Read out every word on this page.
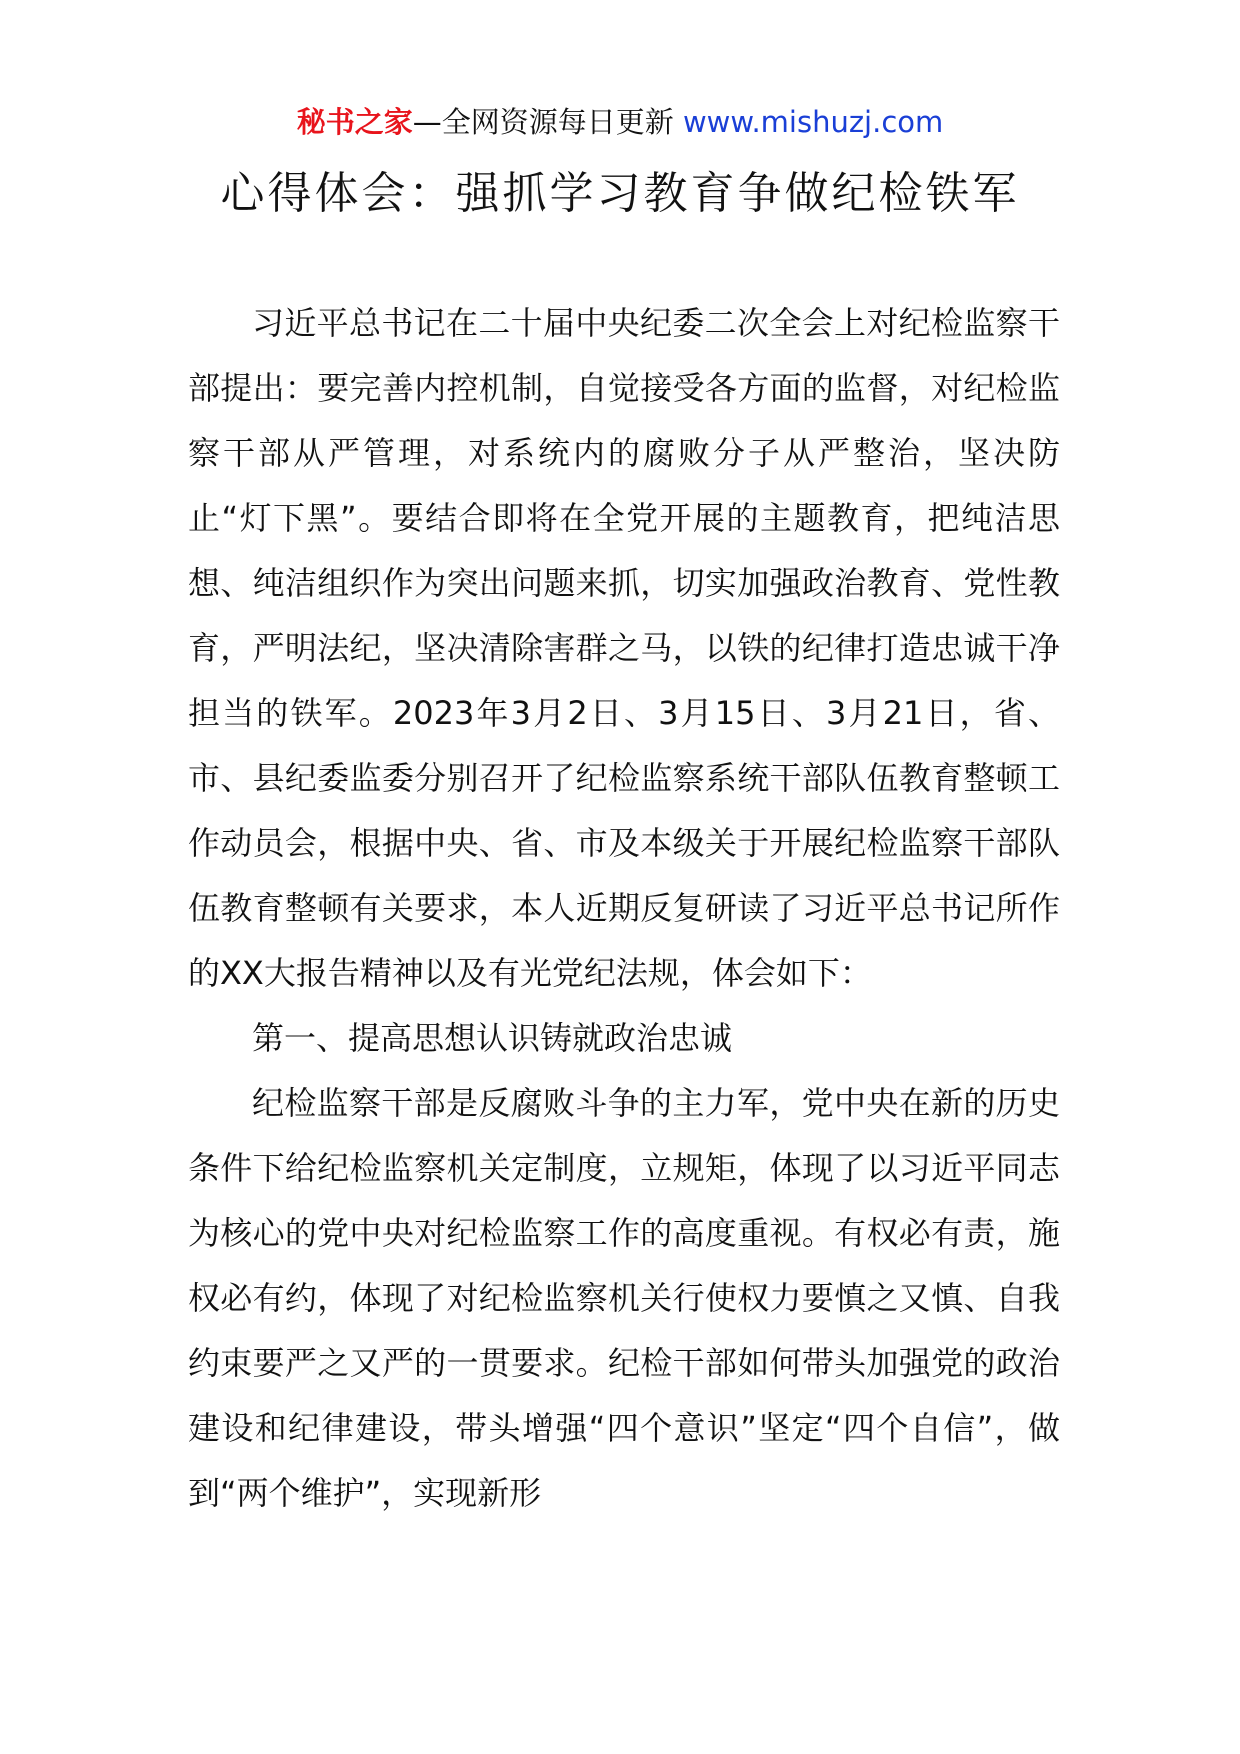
秘书之家—全网资源每日更新 www.mishuzj.com
心得体会：强抓学习教育争做纪检铁军

习近平总书记在二十届中央纪委二次全会上对纪检监察干部提出：要完善内控机制，自觉接受各方面的监督，对纪检监察干部从严管理，对系统内的腐败分子从严整治，坚决防止“灯下黑”。要结合即将在全党开展的主题教育，把纯洁思想、纯洁组织作为突出问题来抓，切实加强政治教育、党性教育，严明法纪，坚决清除害群之马，以铁的纪律打造忠诚干净担当的铁军。2023年3月2日、3月15日、3月21日，省、市、县纪委监委分别召开了纪检监察系统干部队伍教育整顿工作动员会，根据中央、省、市及本级关于开展纪检监察干部队伍教育整顿有关要求，本人近期反复研读了习近平总书记所作的XX大报告精神以及有光党纪法规，体会如下：

第一、提高思想认识铸就政治忠诚

纪检监察干部是反腐败斗争的主力军，党中央在新的历史条件下给纪检监察机关定制度，立规矩，体现了以习近平同志为核心的党中央对纪检监察工作的高度重视。有权必有责，施权必有约，体现了对纪检监察机关行使权力要慎之又慎、自我约束要严之又严的一贯要求。纪检干部如何带头加强党的政治建设和纪律建设，带头增强“四个意识”坚定“四个自信”，做到“两个维护”，实现新形
